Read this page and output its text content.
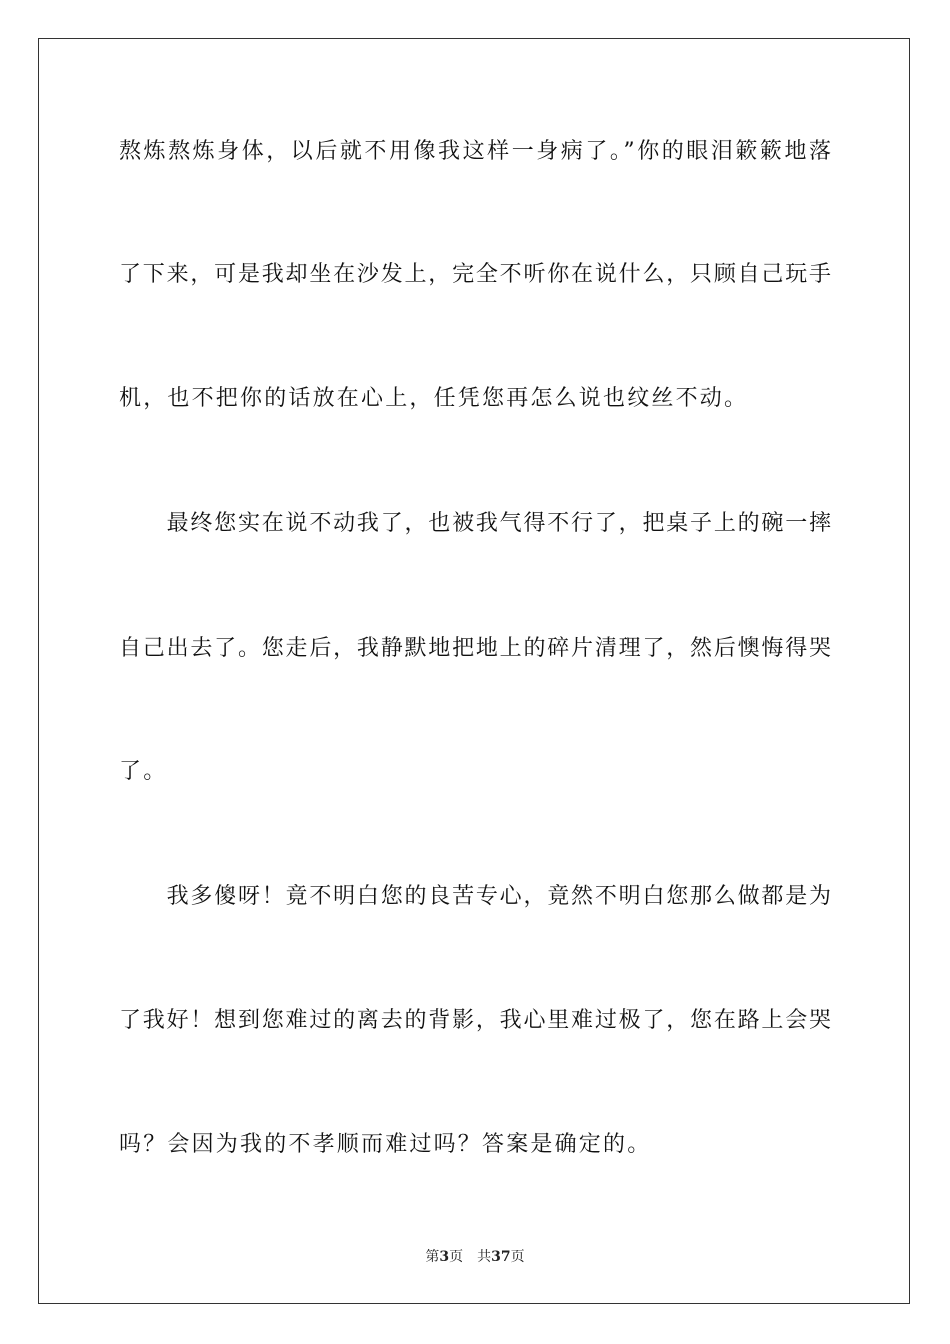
熬炼熬炼身体，以后就不用像我这样一身病了。”你的眼泪簌簌地落
了下来，可是我却坐在沙发上，完全不听你在说什么，只顾自己玩手
机，也不把你的话放在心上，任凭您再怎么说也纹丝不动。
　　最终您实在说不动我了，也被我气得不行了，把桌子上的碗一摔
自己出去了。您走后，我静默地把地上的碎片清理了，然后懊悔得哭
了。
　　我多傻呀！竟不明白您的良苦专心，竟然不明白您那么做都是为
了我好！想到您难过的离去的背影，我心里难过极了，您在路上会哭
吗？会因为我的不孝顺而难过吗？答案是确定的。
第3页 共37页
